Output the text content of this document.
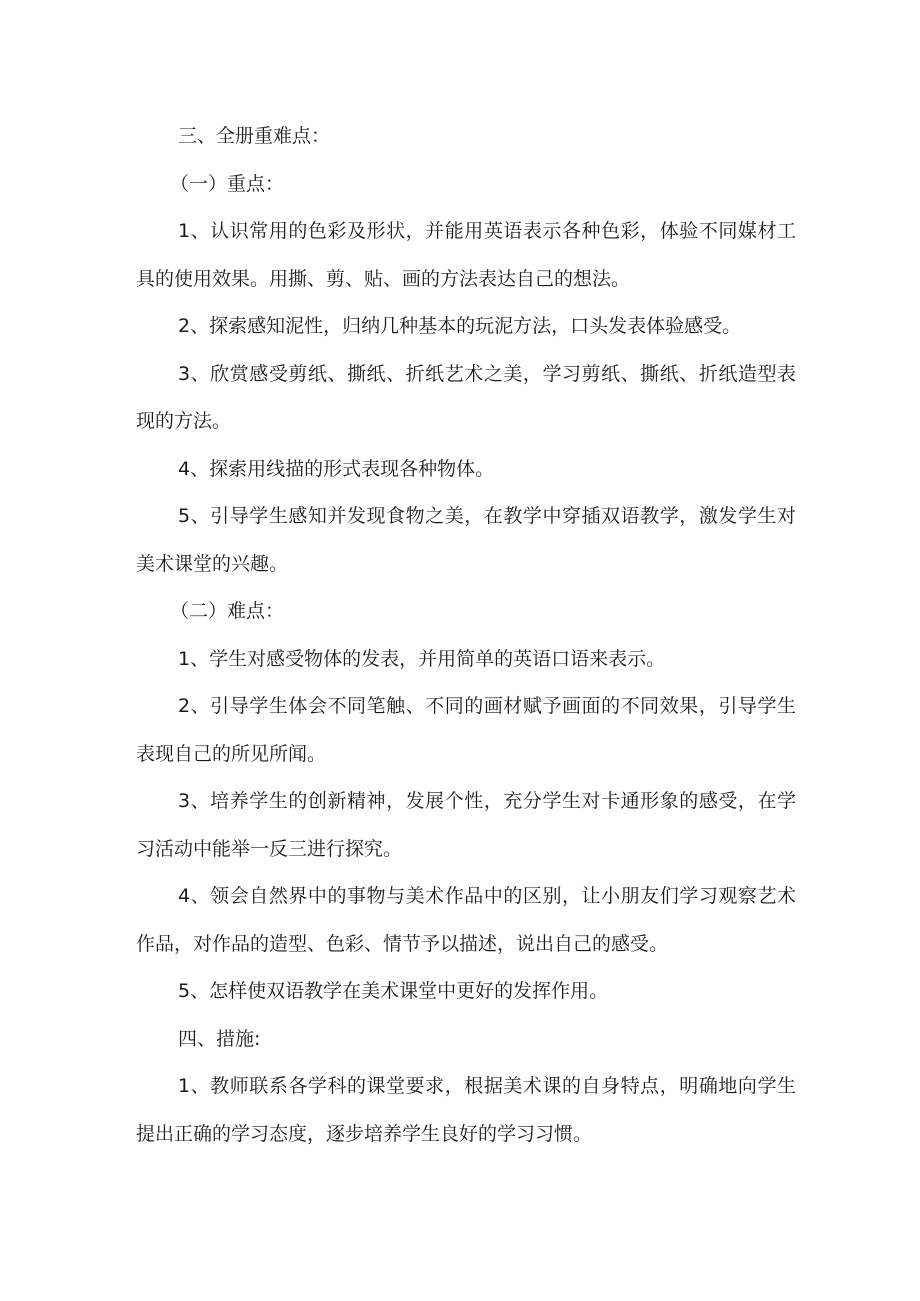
三、全册重难点：

（一）重点：

1、认识常用的色彩及形状，并能用英语表示各种色彩，体验不同媒材工具的使用效果。用撕、剪、贴、画的方法表达自己的想法。

2、探索感知泥性，归纳几种基本的玩泥方法，口头发表体验感受。

3、欣赏感受剪纸、撕纸、折纸艺术之美，学习剪纸、撕纸、折纸造型表现的方法。

4、探索用线描的形式表现各种物体。

5、引导学生感知并发现食物之美，在教学中穿插双语教学，激发学生对美术课堂的兴趣。

（二）难点：

1、学生对感受物体的发表，并用简单的英语口语来表示。

2、引导学生体会不同笔触、不同的画材赋予画面的不同效果，引导学生表现自己的所见所闻。

3、培养学生的创新精神，发展个性，充分学生对卡通形象的感受，在学习活动中能举一反三进行探究。

4、领会自然界中的事物与美术作品中的区别，让小朋友们学习观察艺术作品，对作品的造型、色彩、情节予以描述，说出自己的感受。

5、怎样使双语教学在美术课堂中更好的发挥作用。

四、措施:

1、教师联系各学科的课堂要求，根据美术课的自身特点，明确地向学生提出正确的学习态度，逐步培养学生良好的学习习惯。
